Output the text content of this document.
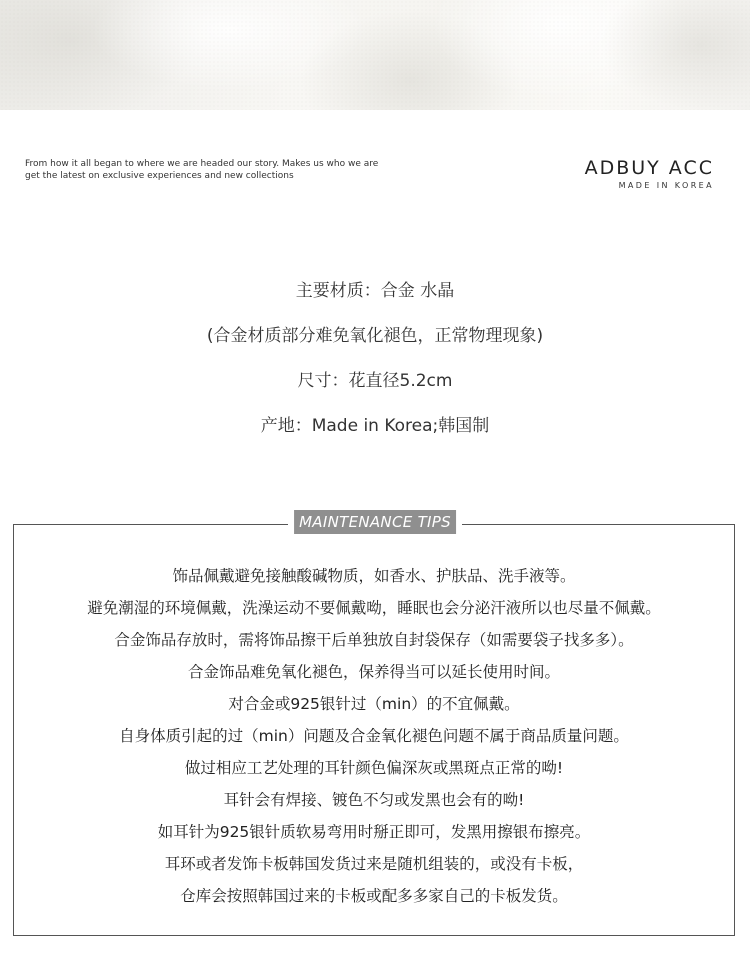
From how it all began to where we are headed our story. Makes us who we are
get the latest on exclusive experiences and new collections	ADBUY ACC
MADE IN KOREA
主要材质：合金 水晶
(合金材质部分难免氧化褪色，正常物理现象)
尺寸：花直径5.2cm
产地：Made in Korea;韩国制
MAINTENANCE TIPS
饰品佩戴避免接触酸碱物质，如香水、护肤品、洗手液等。
避免潮湿的环境佩戴，洗澡运动不要佩戴呦，睡眠也会分泌汗液所以也尽量不佩戴。
合金饰品存放时，需将饰品擦干后单独放自封袋保存（如需要袋子找多多）。
合金饰品难免氧化褪色，保养得当可以延长使用时间。
对合金或925银针过（min）的不宜佩戴。
自身体质引起的过（min）问题及合金氧化褪色问题不属于商品质量问题。
做过相应工艺处理的耳针颜色偏深灰或黑斑点正常的呦!
耳针会有焊接、镀色不匀或发黑也会有的呦!
如耳针为925银针质软易弯用时掰正即可，发黑用擦银布擦亮。
耳环或者发饰卡板韩国发货过来是随机组装的，或没有卡板，
仓库会按照韩国过来的卡板或配多多家自己的卡板发货。
